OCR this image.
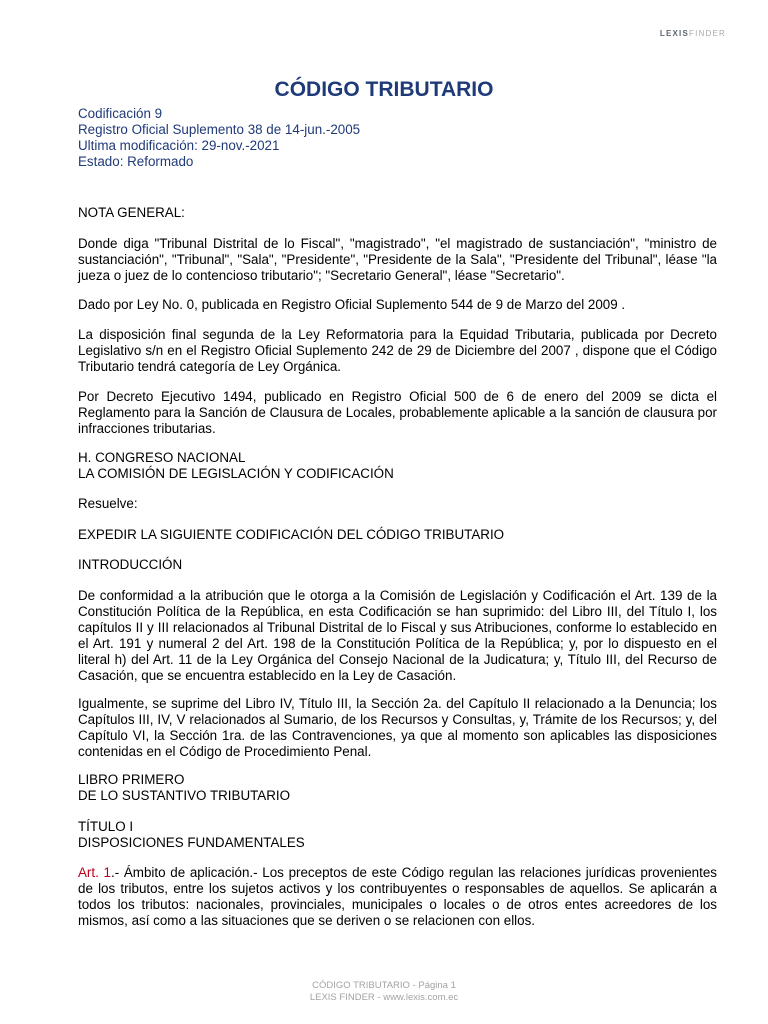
LEXISFINDER
CÓDIGO TRIBUTARIO
Codificación 9
Registro Oficial Suplemento 38 de 14-jun.-2005
Ultima modificación: 29-nov.-2021
Estado: Reformado

NOTA GENERAL:

Donde diga "Tribunal Distrital de lo Fiscal", "magistrado", "el magistrado de sustanciación", "ministro de sustanciación", "Tribunal", "Sala", "Presidente", "Presidente de la Sala", "Presidente del Tribunal", léase "la jueza o juez de lo contencioso tributario"; "Secretario General", léase "Secretario".

Dado por Ley No. 0, publicada en Registro Oficial Suplemento 544 de 9 de Marzo del 2009 .

La disposición final segunda de la Ley Reformatoria para la Equidad Tributaria, publicada por Decreto Legislativo s/n en el Registro Oficial Suplemento 242 de 29 de Diciembre del 2007 , dispone que el Código Tributario tendrá categoría de Ley Orgánica.

Por Decreto Ejecutivo 1494, publicado en Registro Oficial 500 de 6 de enero del 2009 se dicta el Reglamento para la Sanción de Clausura de Locales, probablemente aplicable a la sanción de clausura por infracciones tributarias.

H. CONGRESO NACIONAL
LA COMISIÓN DE LEGISLACIÓN Y CODIFICACIÓN

Resuelve:

EXPEDIR LA SIGUIENTE CODIFICACIÓN DEL CÓDIGO TRIBUTARIO

INTRODUCCIÓN

De conformidad a la atribución que le otorga a la Comisión de Legislación y Codificación el Art. 139 de la Constitución Política de la República, en esta Codificación se han suprimido: del Libro III, del Título I, los capítulos II y III relacionados al Tribunal Distrital de lo Fiscal y sus Atribuciones, conforme lo establecido en el Art. 191 y numeral 2 del Art. 198 de la Constitución Política de la República; y, por lo dispuesto en el literal h) del Art. 11 de la Ley Orgánica del Consejo Nacional de la Judicatura; y, Título III, del Recurso de Casación, que se encuentra establecido en la Ley de Casación.

Igualmente, se suprime del Libro IV, Título III, la Sección 2a. del Capítulo II relacionado a la Denuncia; los Capítulos III, IV, V relacionados al Sumario, de los Recursos y Consultas, y, Trámite de los Recursos; y, del Capítulo VI, la Sección 1ra. de las Contravenciones, ya que al momento son aplicables las disposiciones contenidas en el Código de Procedimiento Penal.

LIBRO PRIMERO
DE LO SUSTANTIVO TRIBUTARIO

TÍTULO I
DISPOSICIONES FUNDAMENTALES

Art. 1.- Ámbito de aplicación.- Los preceptos de este Código regulan las relaciones jurídicas provenientes de los tributos, entre los sujetos activos y los contribuyentes o responsables de aquellos. Se aplicarán a todos los tributos: nacionales, provinciales, municipales o locales o de otros entes acreedores de los mismos, así como a las situaciones que se deriven o se relacionen con ellos.

CÓDIGO TRIBUTARIO - Página 1
LEXIS FINDER - www.lexis.com.ec
